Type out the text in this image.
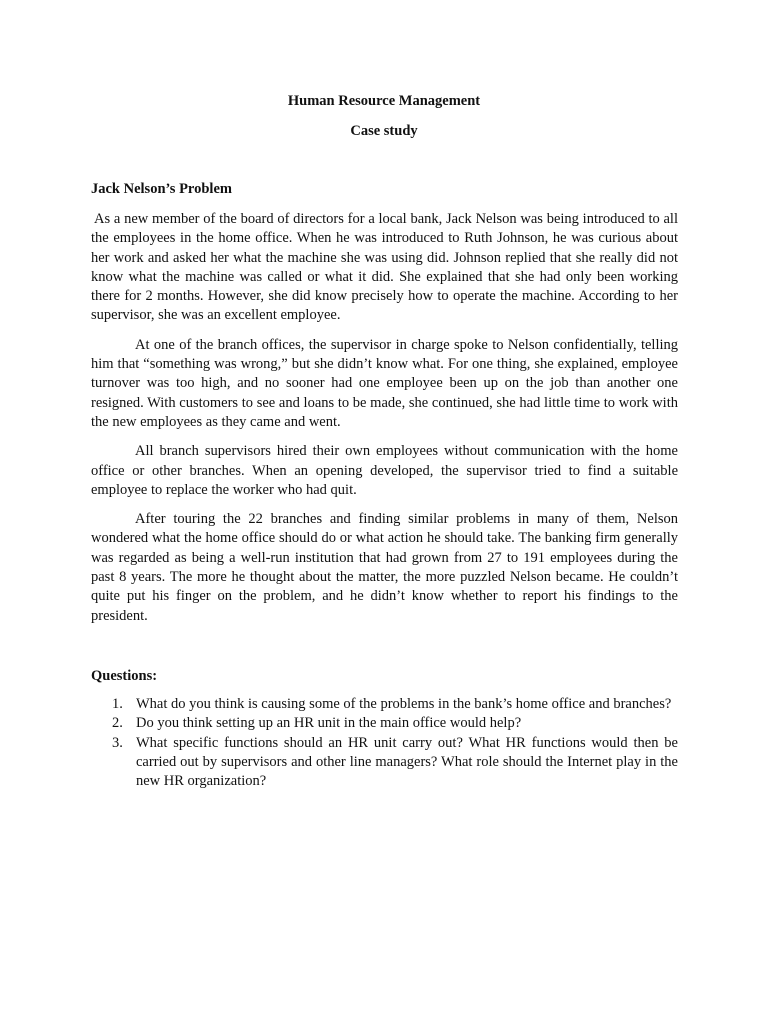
Human Resource Management
Case study
Jack Nelson’s Problem

As a new member of the board of directors for a local bank, Jack Nelson was being introduced to all the employees in the home office. When he was introduced to Ruth Johnson, he was curious about her work and asked her what the machine she was using did. Johnson replied that she really did not know what the machine was called or what it did. She explained that she had only been working there for 2 months. However, she did know precisely how to operate the machine. According to her supervisor, she was an excellent employee.

At one of the branch offices, the supervisor in charge spoke to Nelson confidentially, telling him that “something was wrong,” but she didn’t know what. For one thing, she explained, employee turnover was too high, and no sooner had one employee been up on the job than another one resigned. With customers to see and loans to be made, she continued, she had little time to work with the new employees as they came and went.

All branch supervisors hired their own employees without communication with the home office or other branches. When an opening developed, the supervisor tried to find a suitable employee to replace the worker who had quit.

After touring the 22 branches and finding similar problems in many of them, Nelson wondered what the home office should do or what action he should take. The banking firm generally was regarded as being a well-run institution that had grown from 27 to 191 employees during the past 8 years. The more he thought about the matter, the more puzzled Nelson became. He couldn’t quite put his finger on the problem, and he didn’t know whether to report his findings to the president.

Questions:
1. What do you think is causing some of the problems in the bank’s home office and branches?
2. Do you think setting up an HR unit in the main office would help?
3. What specific functions should an HR unit carry out? What HR functions would then be carried out by supervisors and other line managers? What role should the Internet play in the new HR organization?
